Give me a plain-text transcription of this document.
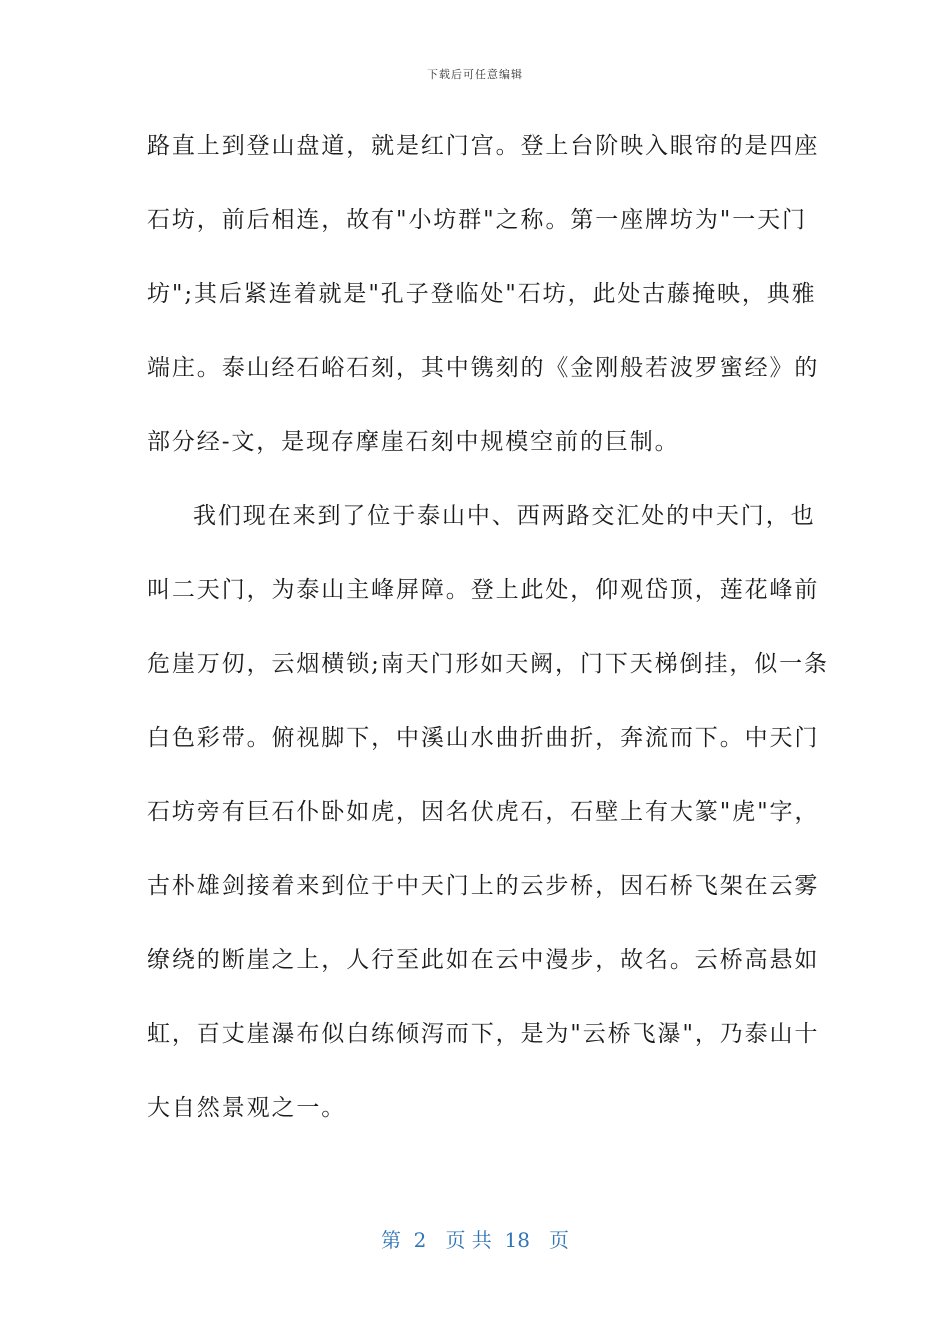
下载后可任意编辑
路直上到登山盘道，就是红门宫。登上台阶映入眼帘的是四座
石坊，前后相连，故有"小坊群"之称。第一座牌坊为"一天门
坊";其后紧连着就是"孔子登临处"石坊，此处古藤掩映，典雅
端庄。泰山经石峪石刻，其中镌刻的《金刚般若波罗蜜经》的
部分经-文，是现存摩崖石刻中规模空前的巨制。
我们现在来到了位于泰山中、西两路交汇处的中天门，也
叫二天门，为泰山主峰屏障。登上此处，仰观岱顶，莲花峰前
危崖万仞，云烟横锁;南天门形如天阙，门下天梯倒挂，似一条
白色彩带。俯视脚下，中溪山水曲折曲折，奔流而下。中天门
石坊旁有巨石仆卧如虎，因名伏虎石，石壁上有大篆"虎"字，
古朴雄剑接着来到位于中天门上的云步桥，因石桥飞架在云雾
缭绕的断崖之上，人行至此如在云中漫步，故名。云桥高悬如
虹，百丈崖瀑布似白练倾泻而下，是为"云桥飞瀑"，乃泰山十
大自然景观之一。
第  2   页 共  18   页
